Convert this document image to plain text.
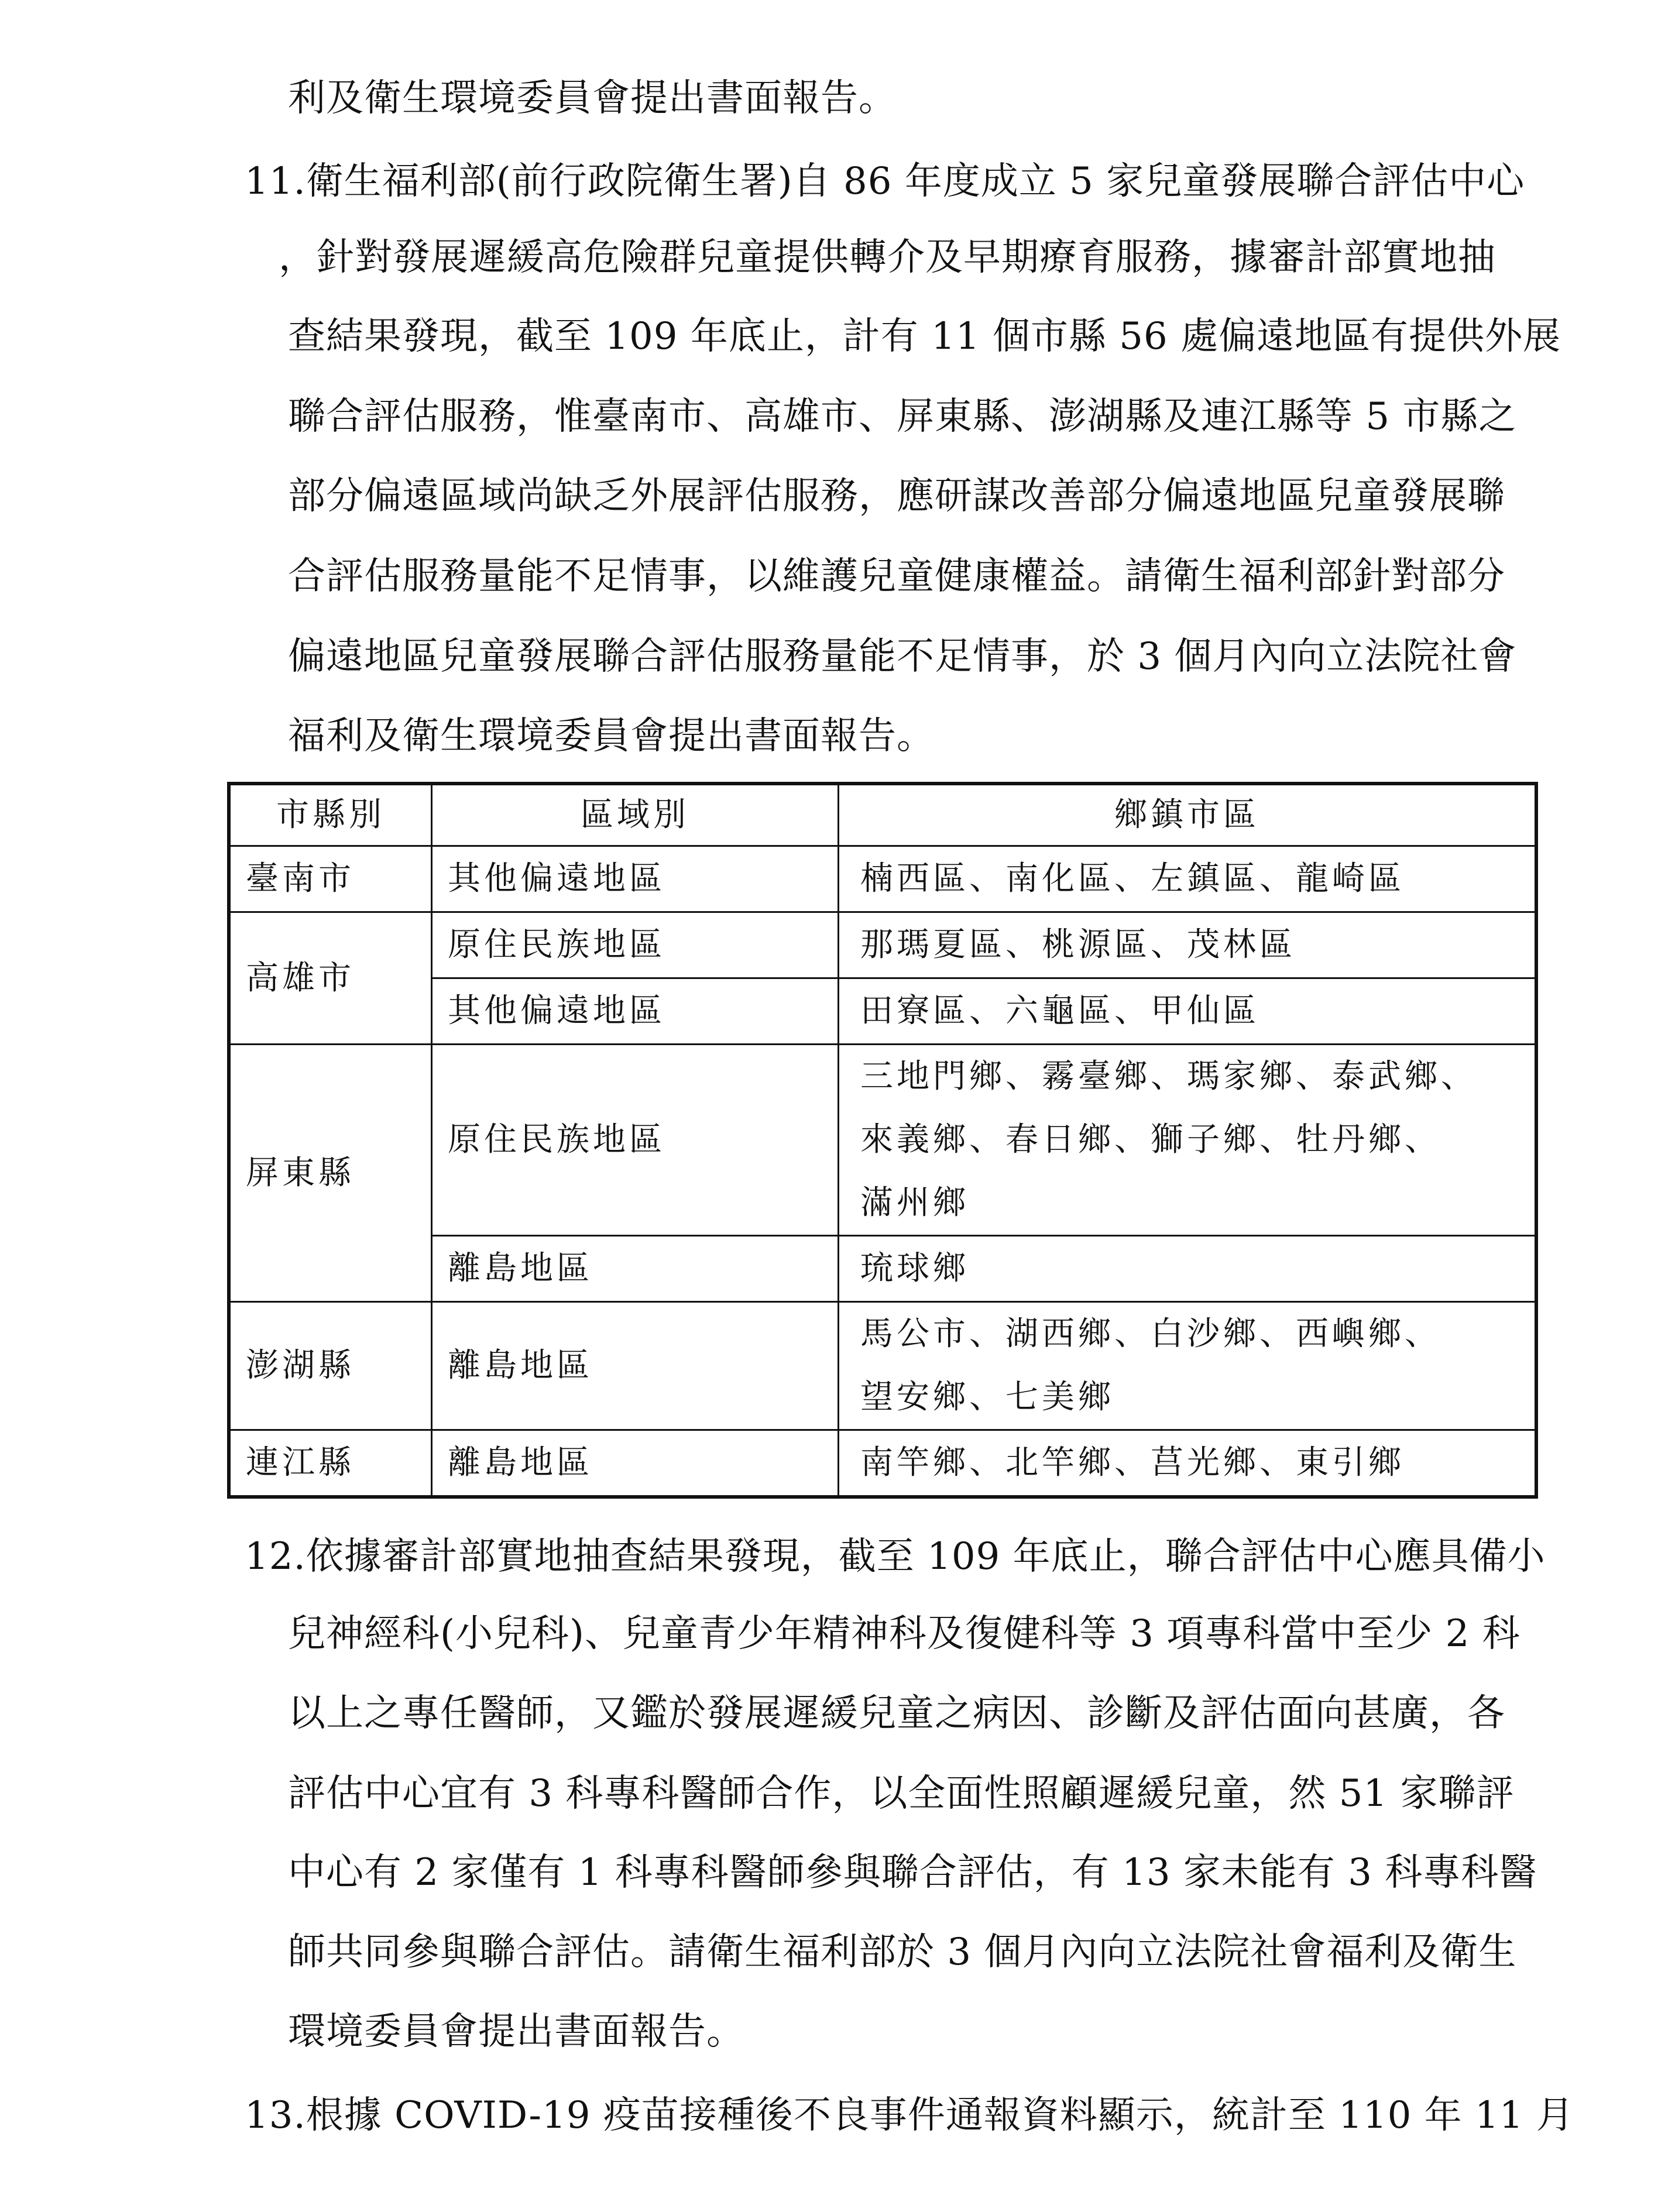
利及衛生環境委員會提出書面報告。
11.衛生福利部(前行政院衛生署)自 86 年度成立 5 家兒童發展聯合評估中心
，針對發展遲緩高危險群兒童提供轉介及早期療育服務，據審計部實地抽
查結果發現，截至 109 年底止，計有 11 個市縣 56 處偏遠地區有提供外展
聯合評估服務，惟臺南市、高雄市、屏東縣、澎湖縣及連江縣等 5 市縣之
部分偏遠區域尚缺乏外展評估服務，應研謀改善部分偏遠地區兒童發展聯
合評估服務量能不足情事，以維護兒童健康權益。請衛生福利部針對部分
偏遠地區兒童發展聯合評估服務量能不足情事，於 3 個月內向立法院社會
福利及衛生環境委員會提出書面報告。
市縣別	區域別	鄉鎮市區
臺南市	其他偏遠地區	楠西區、南化區、左鎮區、龍崎區
高雄市	原住民族地區	那瑪夏區、桃源區、茂林區
	其他偏遠地區	田寮區、六龜區、甲仙區
屏東縣	原住民族地區	三地門鄉、霧臺鄉、瑪家鄉、泰武鄉、
來義鄉、春日鄉、獅子鄉、牡丹鄉、
滿州鄉

	離島地區	琉球鄉
澎湖縣	離島地區	馬公市、湖西鄉、白沙鄉、西嶼鄉、
望安鄉、七美鄉

連江縣	離島地區	南竿鄉、北竿鄉、莒光鄉、東引鄉
12.依據審計部實地抽查結果發現，截至 109 年底止，聯合評估中心應具備小
兒神經科(小兒科)、兒童青少年精神科及復健科等 3 項專科當中至少 2 科
以上之專任醫師，又鑑於發展遲緩兒童之病因、診斷及評估面向甚廣，各
評估中心宜有 3 科專科醫師合作，以全面性照顧遲緩兒童，然 51 家聯評
中心有 2 家僅有 1 科專科醫師參與聯合評估，有 13 家未能有 3 科專科醫
師共同參與聯合評估。請衛生福利部於 3 個月內向立法院社會福利及衛生
環境委員會提出書面報告。
13.根據 COVID-19 疫苗接種後不良事件通報資料顯示，統計至 110 年 11 月
